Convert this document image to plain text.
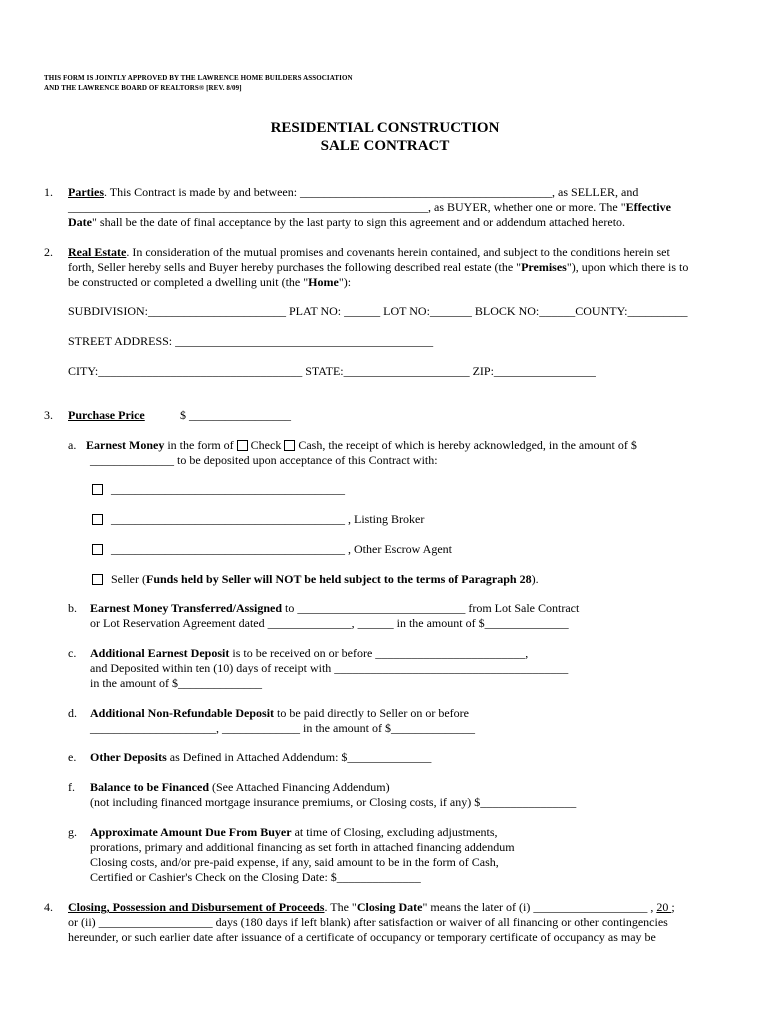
THIS FORM IS JOINTLY APPROVED BY THE LAWRENCE HOME BUILDERS ASSOCIATION
AND THE LAWRENCE BOARD OF REALTORS® [REV. 8/09]
RESIDENTIAL CONSTRUCTION
SALE CONTRACT
1. Parties. This Contract is made by and between: __________________________________________, as SELLER, and
____________________________________________________________, as BUYER, whether one or more. The "Effective
Date" shall be the date of final acceptance by the last party to sign this agreement and or addendum attached hereto.
2. Real Estate. In consideration of the mutual promises and covenants herein contained, and subject to the conditions herein set
forth, Seller hereby sells and Buyer hereby purchases the following described real estate (the "Premises"), upon which there is to
be constructed or completed a dwelling unit (the "Home"):
SUBDIVISION:_______________________ PLAT NO: ______ LOT NO:_______ BLOCK NO:______COUNTY:__________
STREET ADDRESS: ___________________________________________
CITY:__________________________________ STATE:_____________________ ZIP:_________________
3. Purchase Price	$ _________________
a. Earnest Money in the form of  Check  Cash, the receipt of which is hereby acknowledged, in the amount of $
______________ to be deposited upon acceptance of this Contract with:
_______________________________________
_______________________________________ , Listing Broker
_______________________________________ , Other Escrow Agent
Seller (Funds held by Seller will NOT be held subject to the terms of Paragraph 28).
b. Earnest Money Transferred/Assigned to ____________________________ from Lot Sale Contract
or Lot Reservation Agreement dated ______________, ______ in the amount of $______________
c. Additional Earnest Deposit is to be received on or before _________________________,
and Deposited within ten (10) days of receipt with _______________________________________
in the amount of $______________
d. Additional Non-Refundable Deposit to be paid directly to Seller on or before
_____________________, _____________ in the amount of $______________
e. Other Deposits as Defined in Attached Addendum: $______________
f. Balance to be Financed (See Attached Financing Addendum)
(not including financed mortgage insurance premiums, or Closing costs, if any) $________________
g. Approximate Amount Due From Buyer at time of Closing, excluding adjustments,
prorations, primary and additional financing as set forth in attached financing addendum
Closing costs, and/or pre-paid expense, if any, said amount to be in the form of Cash,
Certified or Cashier's Check on the Closing Date: $______________
4. Closing, Possession and Disbursement of Proceeds. The "Closing Date" means the later of (i) ___________________ , 20 ;
or (ii) ___________________ days (180 days if left blank) after satisfaction or waiver of all financing or other contingencies
hereunder, or such earlier date after issuance of a certificate of occupancy or temporary certificate of occupancy as may be
